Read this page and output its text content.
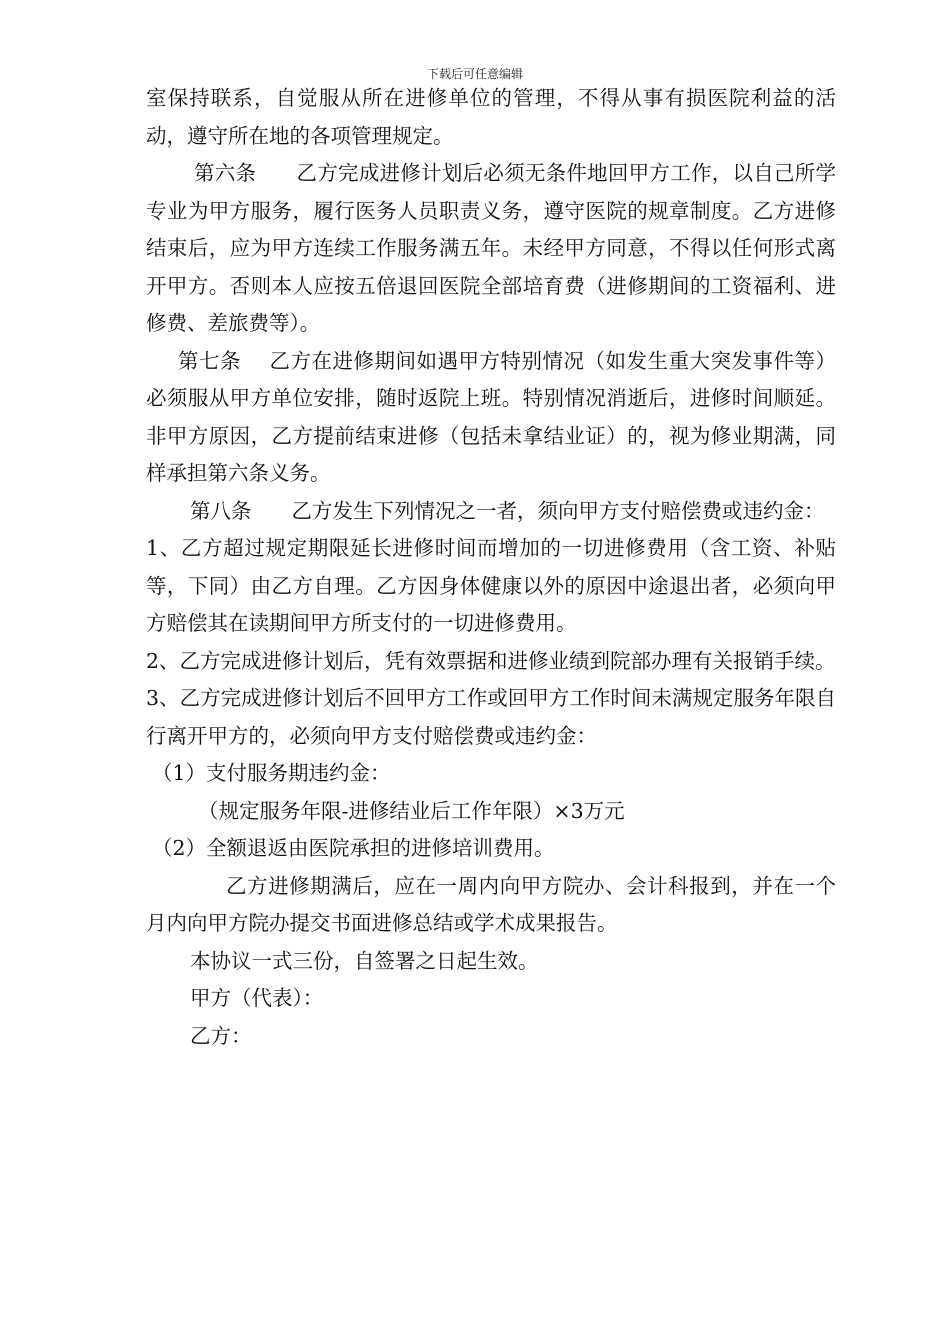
下载后可任意编辑

室保持联系，自觉服从所在进修单位的管理，不得从事有损医院利益的活动，遵守所在地的各项管理规定。

第六条 乙方完成进修计划后必须无条件地回甲方工作，以自己所学专业为甲方服务，履行医务人员职责义务，遵守医院的规章制度。乙方进修结束后，应为甲方连续工作服务满五年。未经甲方同意，不得以任何形式离开甲方。否则本人应按五倍退回医院全部培育费（进修期间的工资福利、进修费、差旅费等）。

第七条 乙方在进修期间如遇甲方特别情况（如发生重大突发事件等）必须服从甲方单位安排，随时返院上班。特别情况消逝后，进修时间顺延。非甲方原因，乙方提前结束进修（包括未拿结业证）的，视为修业期满，同样承担第六条义务。

第八条 乙方发生下列情况之一者，须向甲方支付赔偿费或违约金：

1、乙方超过规定期限延长进修时间而增加的一切进修费用（含工资、补贴等，下同）由乙方自理。乙方因身体健康以外的原因中途退出者，必须向甲方赔偿其在读期间甲方所支付的一切进修费用。

2、乙方完成进修计划后，凭有效票据和进修业绩到院部办理有关报销手续。

3、乙方完成进修计划后不回甲方工作或回甲方工作时间未满规定服务年限自行离开甲方的，必须向甲方支付赔偿费或违约金：

（1）支付服务期违约金：

（规定服务年限-进修结业后工作年限）×3万元

（2）全额退返由医院承担的进修培训费用。

乙方进修期满后，应在一周内向甲方院办、会计科报到，并在一个月内向甲方院办提交书面进修总结或学术成果报告。

本协议一式三份，自签署之日起生效。

甲方（代表）：

乙方：
